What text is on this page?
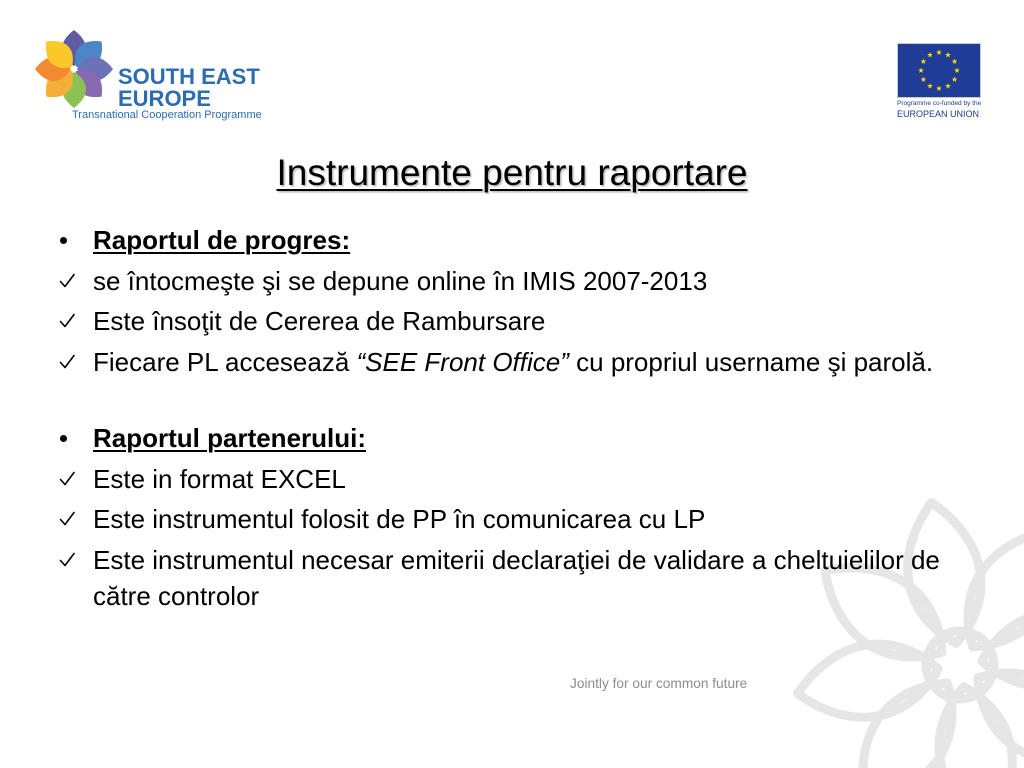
SOUTH EAST
EUROPE
Transnational Cooperation Programme
Programme co-funded by the
EUROPEAN UNION
Instrumente pentru raportare
Raportul de progres:
se întocmeşte şi se depune online în IMIS 2007-2013
Este însoţit de Cererea de Rambursare
Fiecare PL accesează “SEE Front Office” cu propriul username şi parolă.
Raportul partenerului:
Este in format EXCEL
Este instrumentul folosit de PP în comunicarea cu LP
Este instrumentul necesar emiterii declaraţiei de validare a cheltuielilor de către controlor
Jointly for our common future
